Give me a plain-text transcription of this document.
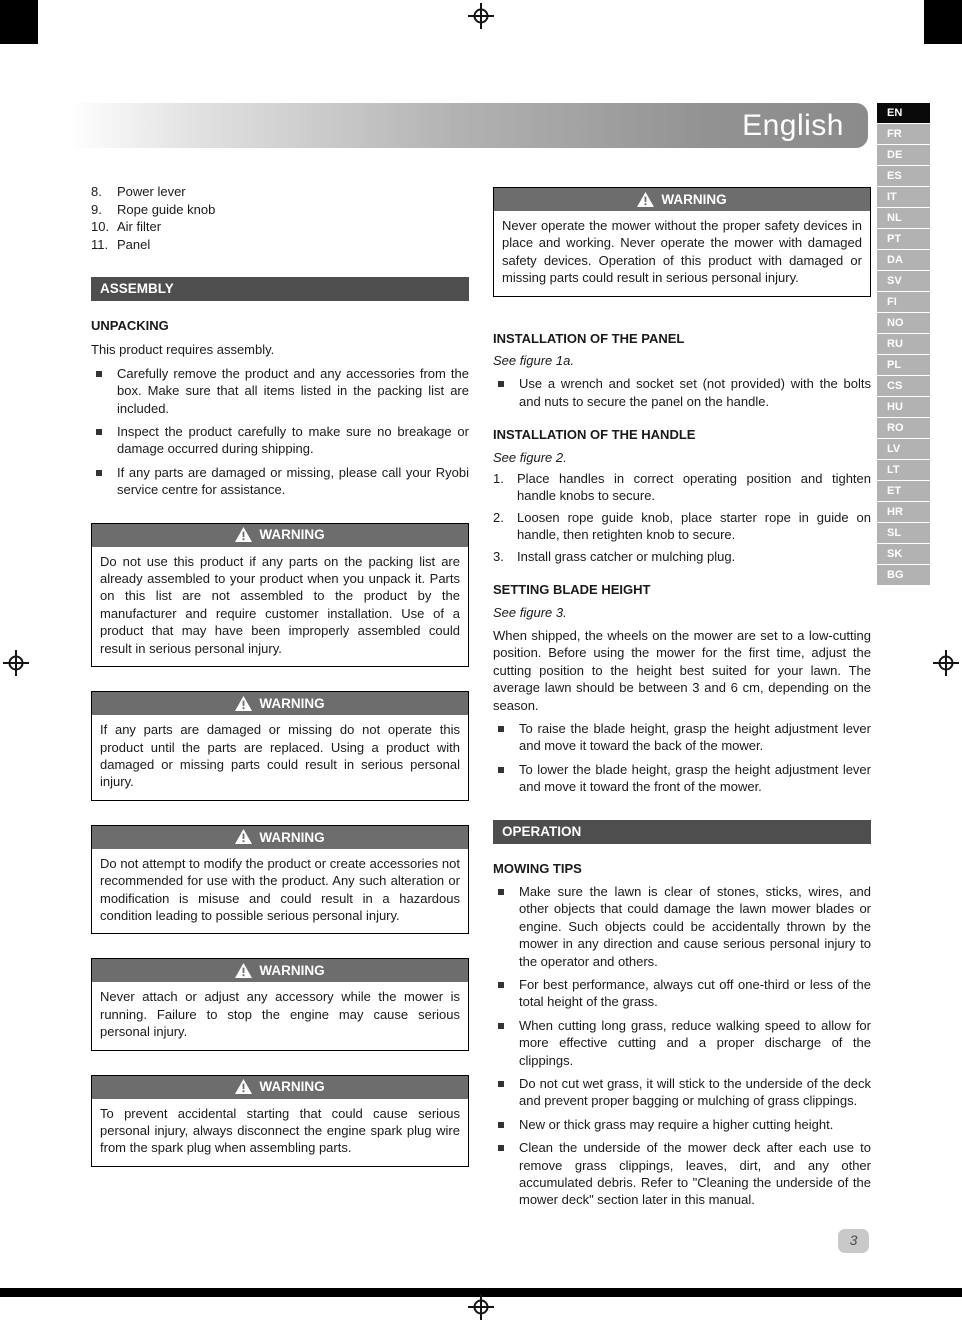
English	EN
FR
DE
ES
IT
NL
PT
DA
SV
FI
NO
RU
PL
CS
HU
RO
LV
LT
ET
HR
SL
SK
BG
8.	Power lever
9.	Rope guide knob
10. Air filter
11. Panel
ASSEMBLY
UNPACKING
This product requires assembly.
Carefully remove the product and any accessories from the box. Make sure that all items listed in the packing list are included.
Inspect the product carefully to make sure no breakage or damage occurred during shipping.
If any parts are damaged or missing, please call your Ryobi service centre for assistance.
WARNING
Do not use this product if any parts on the packing list are already assembled to your product when you unpack it. Parts on this list are not assembled to the product by the manufacturer and require customer installation. Use of a product that may have been improperly assembled could result in serious personal injury.
WARNING
If any parts are damaged or missing do not operate this product until the parts are replaced. Using a product with damaged or missing parts could result in serious personal injury.
WARNING
Do not attempt to modify the product or create accessories not recommended for use with the product. Any such alteration or modification is misuse and could result in a hazardous condition leading to possible serious personal injury.
WARNING
Never attach or adjust any accessory while the mower is running. Failure to stop the engine may cause serious personal injury.
WARNING
To prevent accidental starting that could cause serious personal injury, always disconnect the engine spark plug wire from the spark plug when assembling parts.
WARNING
Never operate the mower without the proper safety devices in place and working. Never operate the mower with damaged safety devices. Operation of this product with damaged or missing parts could result in serious personal injury.
INSTALLATION OF THE PANEL
See figure 1a.
Use a wrench and socket set (not provided) with the bolts and nuts to secure the panel on the handle.
INSTALLATION OF THE HANDLE
See figure 2.
1.	Place handles in correct operating position and tighten handle knobs to secure.
2.	Loosen rope guide knob, place starter rope in guide on handle, then retighten knob to secure.
3.	Install grass catcher or mulching plug.
SETTING BLADE HEIGHT
See figure 3.
When shipped, the wheels on the mower are set to a low-cutting position. Before using the mower for the first time, adjust the cutting position to the height best suited for your lawn. The average lawn should be between 3 and 6 cm, depending on the season.
To raise the blade height, grasp the height adjustment lever and move it toward the back of the mower.
To lower the blade height, grasp the height adjustment lever and move it toward the front of the mower.
OPERATION
MOWING TIPS
Make sure the lawn is clear of stones, sticks, wires, and other objects that could damage the lawn mower blades or engine. Such objects could be accidentally thrown by the mower in any direction and cause serious personal injury to the operator and others.
For best performance, always cut off one-third or less of the total height of the grass.
When cutting long grass, reduce walking speed to allow for more effective cutting and a proper discharge of the clippings.
Do not cut wet grass, it will stick to the underside of the deck and prevent proper bagging or mulching of grass clippings.
New or thick grass may require a higher cutting height.
Clean the underside of the mower deck after each use to remove grass clippings, leaves, dirt, and any other accumulated debris. Refer to "Cleaning the underside of the mower deck" section later in this manual.
3
